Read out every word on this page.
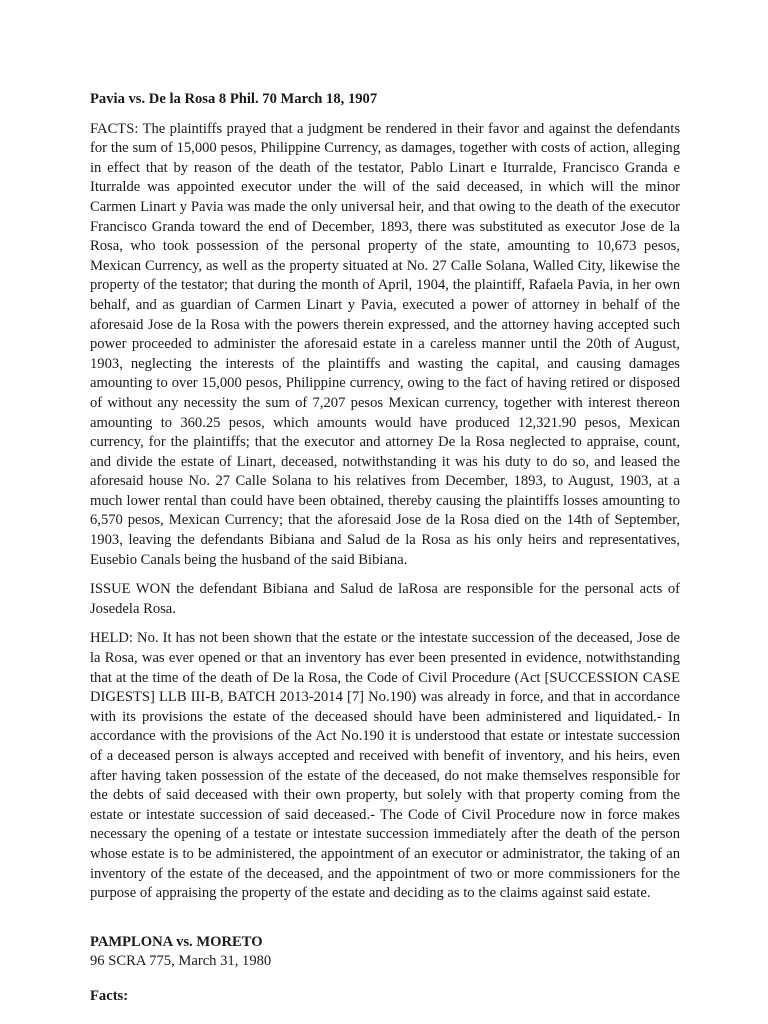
Pavia vs. De la Rosa 8 Phil. 70 March 18, 1907

FACTS: The plaintiffs prayed that a judgment be rendered in their favor and against the defendants for the sum of 15,000 pesos, Philippine Currency, as damages, together with costs of action, alleging in effect that by reason of the death of the testator, Pablo Linart e Iturralde, Francisco Granda e Iturralde was appointed executor under the will of the said deceased, in which will the minor Carmen Linart y Pavia was made the only universal heir, and that owing to the death of the executor Francisco Granda toward the end of December, 1893, there was substituted as executor Jose de la Rosa, who took possession of the personal property of the state, amounting to 10,673 pesos, Mexican Currency, as well as the property situated at No. 27 Calle Solana, Walled City, likewise the property of the testator; that during the month of April, 1904, the plaintiff, Rafaela Pavia, in her own behalf, and as guardian of Carmen Linart y Pavia, executed a power of attorney in behalf of the aforesaid Jose de la Rosa with the powers therein expressed, and the attorney having accepted such power proceeded to administer the aforesaid estate in a careless manner until the 20th of August, 1903, neglecting the interests of the plaintiffs and wasting the capital, and causing damages amounting to over 15,000 pesos, Philippine currency, owing to the fact of having retired or disposed of without any necessity the sum of 7,207 pesos Mexican currency, together with interest thereon amounting to 360.25 pesos, which amounts would have produced 12,321.90 pesos, Mexican currency, for the plaintiffs; that the executor and attorney De la Rosa neglected to appraise, count, and divide the estate of Linart, deceased, notwithstanding it was his duty to do so, and leased the aforesaid house No. 27 Calle Solana to his relatives from December, 1893, to August, 1903, at a much lower rental than could have been obtained, thereby causing the plaintiffs losses amounting to 6,570 pesos, Mexican Currency; that the aforesaid Jose de la Rosa died on the 14th of September, 1903, leaving the defendants Bibiana and Salud de la Rosa as his only heirs and representatives, Eusebio Canals being the husband of the said Bibiana.

ISSUE WON the defendant Bibiana and Salud de laRosa are responsible for the personal acts of Josedela Rosa.

HELD: No. It has not been shown that the estate or the intestate succession of the deceased, Jose de la Rosa, was ever opened or that an inventory has ever been presented in evidence, notwithstanding that at the time of the death of De la Rosa, the Code of Civil Procedure (Act [SUCCESSION CASE DIGESTS] LLB III-B, BATCH 2013-2014 [7] No.190) was already in force, and that in accordance with its provisions the estate of the deceased should have been administered and liquidated.- In accordance with the provisions of the Act No.190 it is understood that estate or intestate succession of a deceased person is always accepted and received with benefit of inventory, and his heirs, even after having taken possession of the estate of the deceased, do not make themselves responsible for the debts of said deceased with their own property, but solely with that property coming from the estate or intestate succession of said deceased.- The Code of Civil Procedure now in force makes necessary the opening of a testate or intestate succession immediately after the death of the person whose estate is to be administered, the appointment of an executor or administrator, the taking of an inventory of the estate of the deceased, and the appointment of two or more commissioners for the purpose of appraising the property of the estate and deciding as to the claims against said estate.

PAMPLONA vs. MORETO

96 SCRA 775, March 31, 1980

Facts:
